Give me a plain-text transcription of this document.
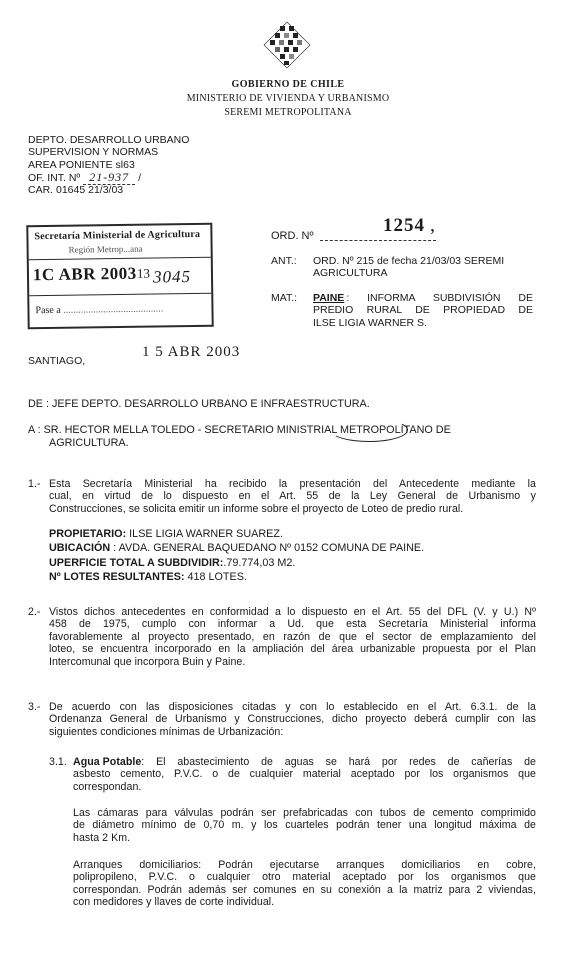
GOBIERNO DE CHILE
MINISTERIO DE VIVIENDA Y URBANISMO
SEREMI METROPOLITANA
DEPTO. DESARROLLO URBANO
SUPERVISION Y NORMAS
AREA PONIENTE sl63
OF. INT. Nº 21-937 /
CAR. 01645 21/3/03
Secretaría Ministerial de Agricultura
Región Metrop...ana
1C ABR 2003 13 3045
Pase a ........................................
ORD. Nº	1254 ,
ANT.:	ORD. Nº 215 de fecha 21/03/03 SEREMI
AGRICULTURA
MAT.:	PAINE : INFORMA SUBDIVISIÓN DE
PREDIO RURAL DE PROPIEDAD DE
ILSE LIGIA WARNER S.
SANTIAGO,
1 5 ABR 2003
DE : JEFE DEPTO. DESARROLLO URBANO E INFRAESTRUCTURA.
A : SR. HECTOR MELLA TOLEDO - SECRETARIO MINISTRIAL METROPOLITANO DE
AGRICULTURA.
1.- Esta Secretaría Ministerial ha recibido la presentación del Antecedente mediante la
cual, en virtud de lo dispuesto en el Art. 55 de la Ley General de Urbanismo y
Construcciones, se solicita emitir un informe sobre el proyecto de Loteo de predio rural.
PROPIETARIO: ILSE LIGIA WARNER SUAREZ.
UBICACIÓN : AVDA. GENERAL BAQUEDANO Nº 0152 COMUNA DE PAINE.
UPERFICIE TOTAL A SUBDIVIDIR:.79.774,03 M2.
Nº LOTES RESULTANTES: 418 LOTES.
2.- Vistos dichos antecedentes en conformidad a lo dispuesto en el Art. 55 del DFL (V. y U.) Nº
458 de 1975, cumplo con informar a Ud. que esta Secretaría Ministerial informa
favorablemente al proyecto presentado, en razón de que el sector de emplazamiento del
loteo, se encuentra incorporado en la ampliación del área urbanizable propuesta por el Plan
Intercomunal que incorpora Buin y Paine.
3.- De acuerdo con las disposiciones citadas y con lo establecido en el Art. 6.3.1. de la
Ordenanza General de Urbanismo y Construcciones, dicho proyecto deberá cumplir con las
siguientes condiciones mínimas de Urbanización:
3.1. Agua Potable : El abastecimiento de aguas se hará por redes de cañerías de
asbesto cemento, P.V.C. o de cualquier material aceptado por los organismos que
correspondan.
Las cámaras para válvulas podrán ser prefabricadas con tubos de cemento comprimido
de diámetro mínimo de 0,70 m. y los cuarteles podrán tener una longitud máxima de
hasta 2 Km.
Arranques domiciliarios: Podrán ejecutarse arranques domiciliarios en cobre,
polipropileno, P.V.C. o cualquier otro material aceptado por los organismos que
correspondan. Podrán además ser comunes en su conexión a la matriz para 2 viviendas,
con medidores y llaves de corte individual.
